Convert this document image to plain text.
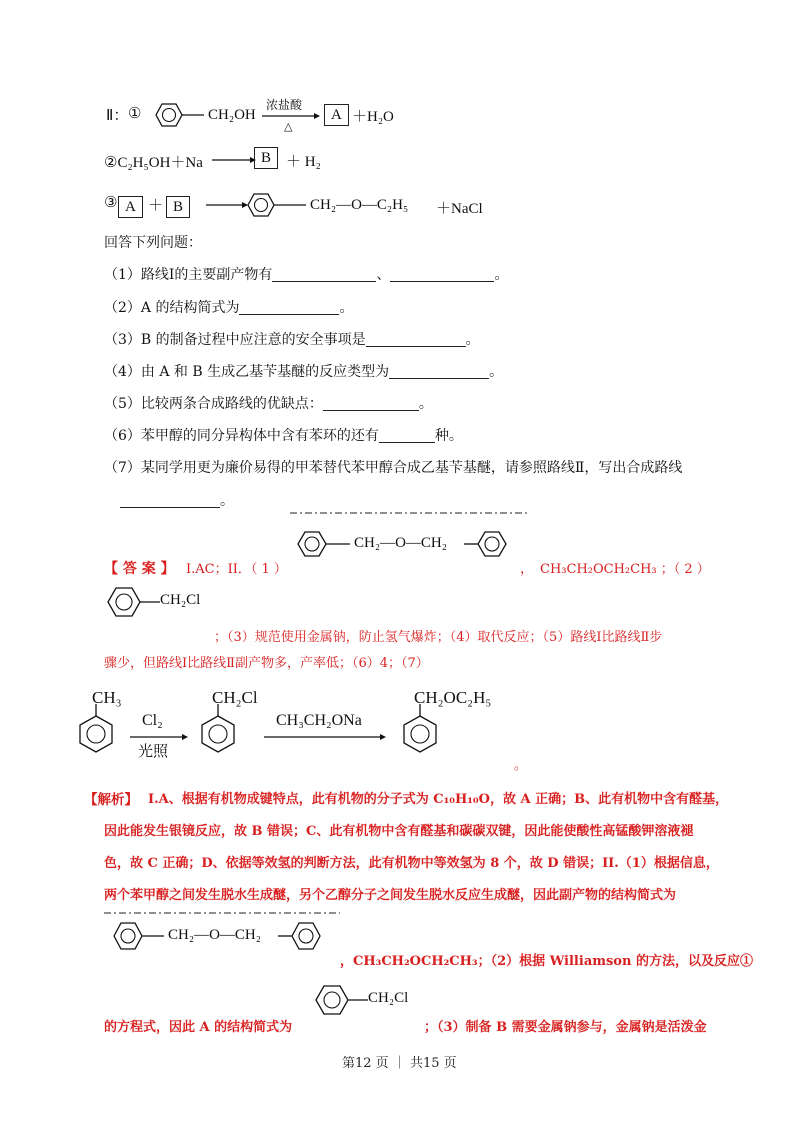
Ⅱ： ①	CH₂OH
浓盐酸
△
A ＋H₂O
②C₂H₅OH＋Na → B ＋ H₂
③ A ＋ B	→	CH₂—O—C₂H₅ ＋NaCl
回答下列问题：
（1）路线Ⅰ的主要副产物有	、	。
（2）A 的结构简式为	。
（3）B 的制备过程中应注意的安全事项是	。
（4）由 A 和 B 生成乙基苄基醚的反应类型为	。
（5）比较两条合成路线的优缺点：	。
（6）苯甲醇的同分异构体中含有苯环的还有	种。
（7）某同学用更为廉价易得的甲苯替代苯甲醇合成乙基苄基醚，请参照路线Ⅱ，写出合成路线
。
【 答 案 】 I.AC；II．（ 1 ）
CH₂—O—CH₂
， CH₃CH₂OCH₂CH₃ ；（ 2 ）
CH₂Cl
；（3）规范使用金属钠，防止氢气爆炸；（4）取代反应；（5）路线Ⅰ比路线Ⅱ步
骤少，但路线Ⅰ比路线Ⅱ副产物多，产率低；（6）4；（7）
CH₃
Cl₂
光照
CH₂Cl
CH₃CH₂ONa
CH₂OC₂H₅
。
【解析】 I.A、根据有机物成键特点，此有机物的分子式为 C₁₀H₁₀O，故 A 正确；B、此有机物中含有醛基，
因此能发生银镜反应，故 B 错误；C、此有机物中含有醛基和碳碳双键，因此能使酸性高锰酸钾溶液褪
色，故 C 正确；D、依据等效氢的判断方法，此有机物中等效氢为 8 个，故 D 错误；II.（1）根据信息，
两个苯甲醇之间发生脱水生成醚，另个乙醇分子之间发生脱水反应生成醚，因此副产物的结构简式为
CH₂—O—CH₂
，CH₃CH₂OCH₂CH₃；（2）根据 Williamson 的方法，以及反应①
CH₂Cl
的方程式，因此 A 的结构简式为	；（3）制备 B 需要金属钠参与，金属钠是活泼金
第12 页 ｜ 共15 页
